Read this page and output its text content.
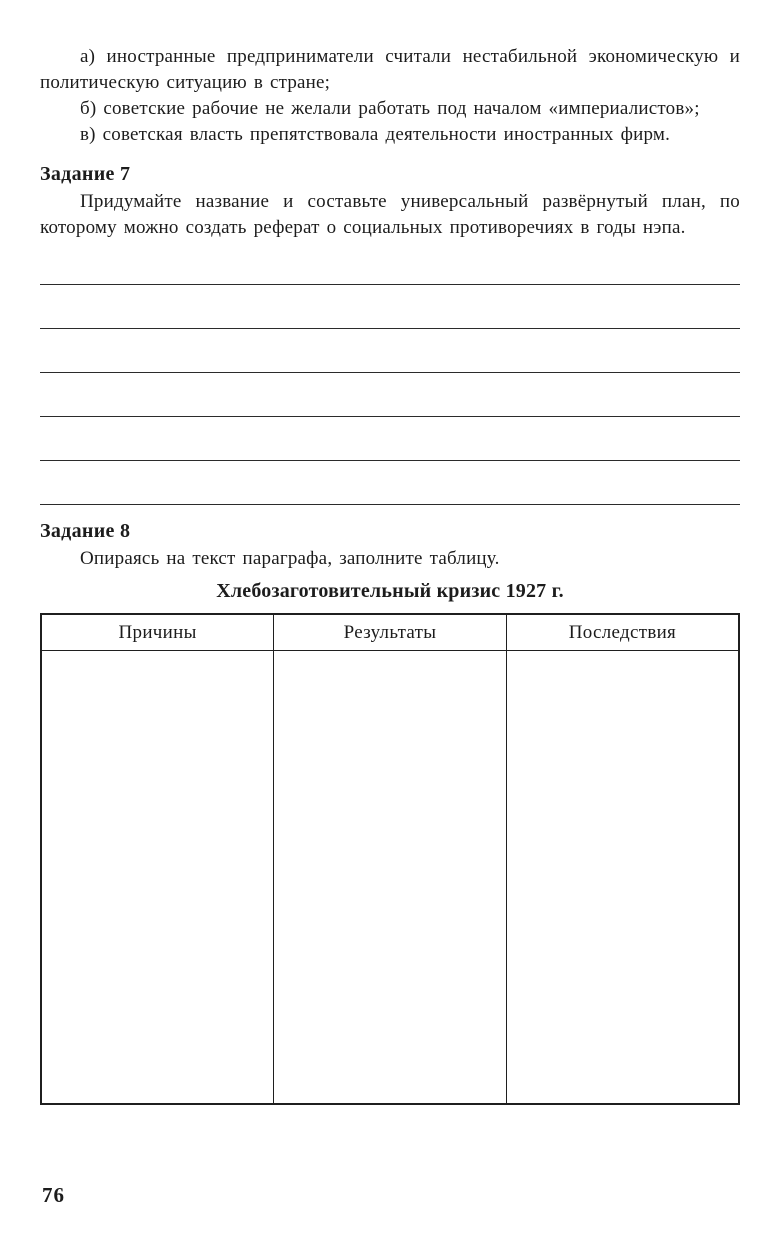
а) иностранные предприниматели считали нестабильной экономическую и политическую ситуацию в стране;

б) советские рабочие не желали работать под началом «империалистов»;

в) советская власть препятствовала деятельности иностранных фирм.

Задание 7

Придумайте название и составьте универсальный развёрнутый план, по которому можно создать реферат о социальных противоречиях в годы нэпа.

Задание 8

Опираясь на текст параграфа, заполните таблицу.

Хлебозаготовительный кризис 1927 г.
Причины	Результаты	Последствия

76
